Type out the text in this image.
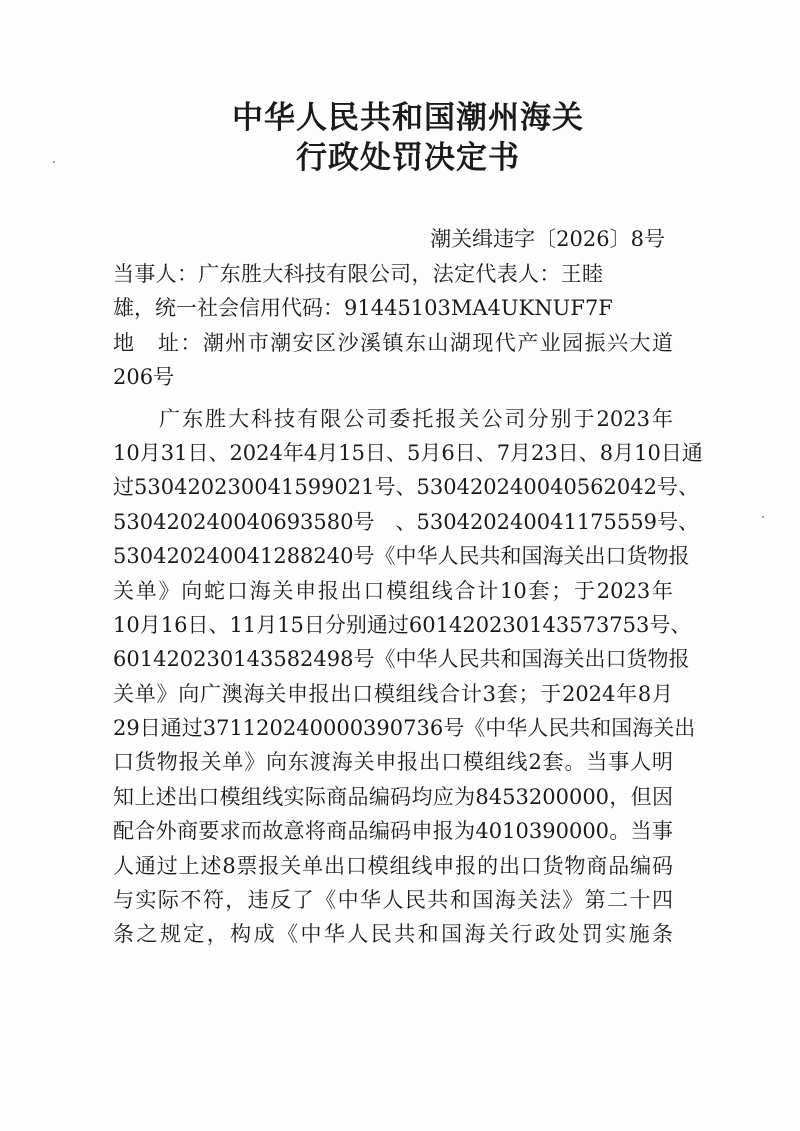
中华人民共和国潮州海关
行政处罚决定书
潮关缉违字〔2026〕8号
当事人：广东胜大科技有限公司，法定代表人：王睦
雄，统一社会信用代码：91445103MA4UKNUF7F
地　址：潮州市潮安区沙溪镇东山湖现代产业园振兴大道
206号
　　广东胜大科技有限公司委托报关公司分别于2023年
10月31日、2024年4月15日、5月6日、7月23日、8月10日通
过530420230041599021号、530420240040562042号、
530420240040693580号　、530420240041175559号、
530420240041288240号《中华人民共和国海关出口货物报
关单》向蛇口海关申报出口模组线合计10套；于2023年
10月16日、11月15日分别通过601420230143573753号、
601420230143582498号《中华人民共和国海关出口货物报
关单》向广澳海关申报出口模组线合计3套；于2024年8月
29日通过371120240000390736号《中华人民共和国海关出
口货物报关单》向东渡海关申报出口模组线2套。当事人明
知上述出口模组线实际商品编码均应为8453200000，但因
配合外商要求而故意将商品编码申报为4010390000。当事
人通过上述8票报关单出口模组线申报的出口货物商品编码
与实际不符，违反了《中华人民共和国海关法》第二十四
条之规定，构成《中华人民共和国海关行政处罚实施条
